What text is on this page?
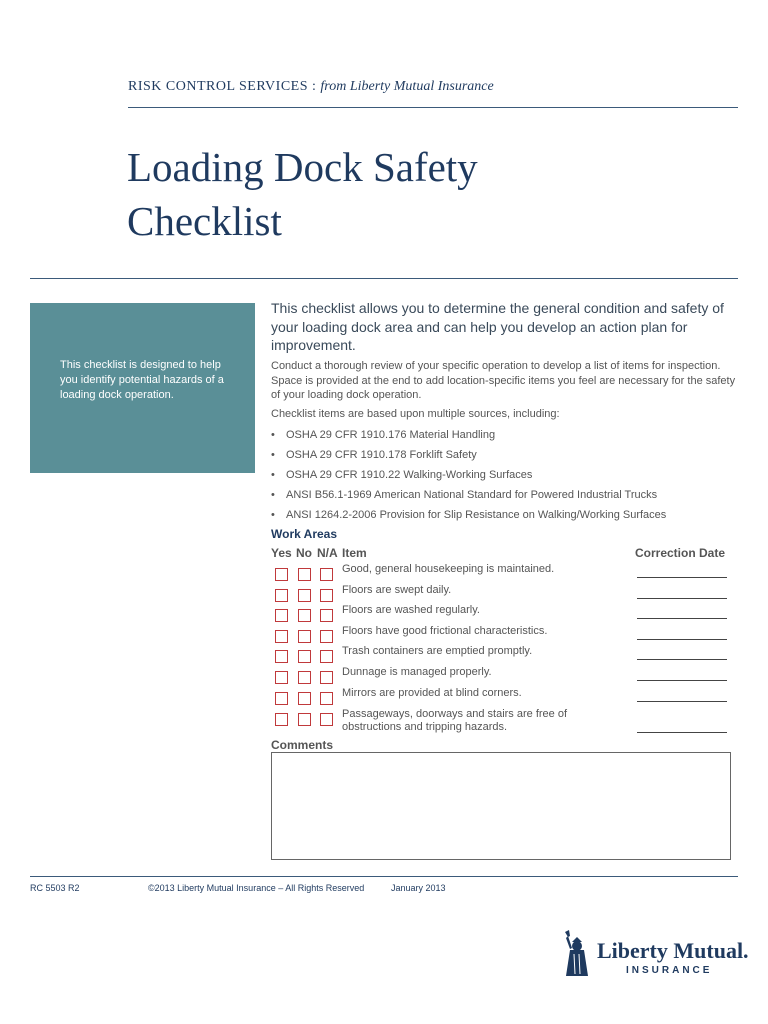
RISK CONTROL SERVICES : from Liberty Mutual Insurance
Loading Dock Safety
Checklist

This checklist is designed to help you identify potential hazards of a loading dock operation.

This checklist allows you to determine the general condition and safety of your loading dock area and can help you develop an action plan for improvement.

Conduct a thorough review of your specific operation to develop a list of items for inspection. Space is provided at the end to add location-specific items you feel are necessary for the safety of your loading dock operation.

Checklist items are based upon multiple sources, including:

• OSHA 29 CFR 1910.176 Material Handling
• OSHA 29 CFR 1910.178 Forklift Safety
• OSHA 29 CFR 1910.22 Walking-Working Surfaces
• ANSI B56.1-1969 American National Standard for Powered Industrial Trucks
• ANSI 1264.2-2006 Provision for Slip Resistance on Walking/Working Surfaces
Work Areas
Yes No N/A Item	Correction Date
Good, general housekeeping is maintained.
Floors are swept daily.
Floors are washed regularly.
Floors have good frictional characteristics.
Trash containers are emptied promptly.
Dunnage is managed properly.
Mirrors are provided at blind corners.
Passageways, doorways and stairs are free of obstructions and tripping hazards.
Comments
RC 5503 R2	©2013 Liberty Mutual Insurance – All Rights Reserved	January 2013
Liberty Mutual.
INSURANCE
